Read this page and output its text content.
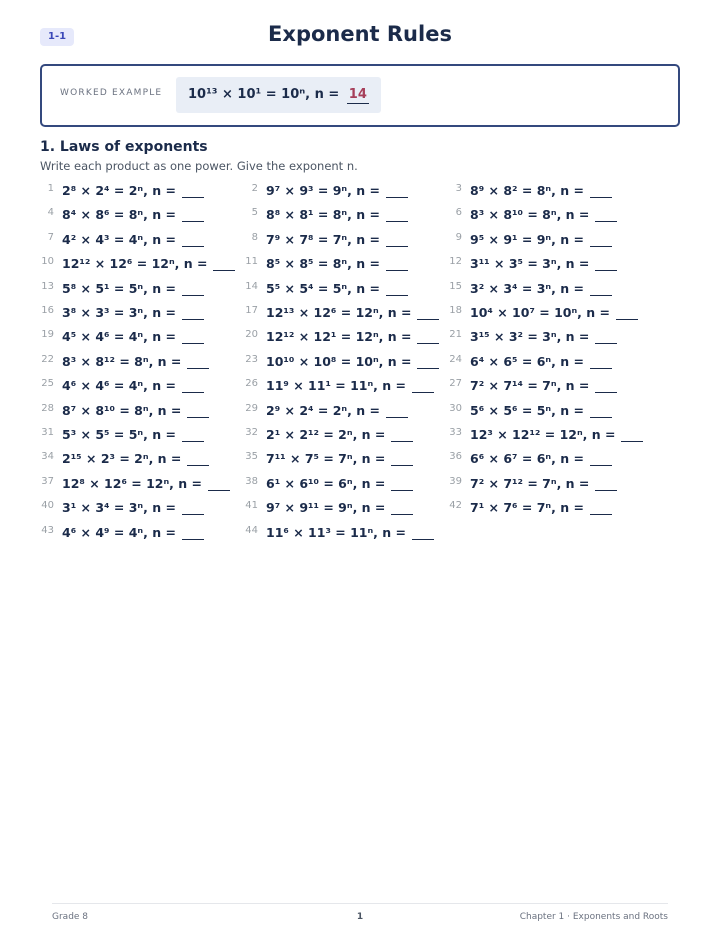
1-1	Exponent Rules
WORKED EXAMPLE	10¹³ × 10¹ = 10ⁿ, n = 14
1. Laws of exponents
Write each product as one power. Give the exponent n.
1 2⁸ × 2⁴ = 2ⁿ, n =	2 9⁷ × 9³ = 9ⁿ, n =	3 8⁹ × 8² = 8ⁿ, n =
4 8⁴ × 8⁶ = 8ⁿ, n =	5 8⁸ × 8¹ = 8ⁿ, n =	6 8³ × 8¹⁰ = 8ⁿ, n =
7 4² × 4³ = 4ⁿ, n =	8 7⁹ × 7⁸ = 7ⁿ, n =	9 9⁵ × 9¹ = 9ⁿ, n =
10 12¹² × 12⁶ = 12ⁿ, n =	11 8⁵ × 8⁵ = 8ⁿ, n =	12 3¹¹ × 3⁵ = 3ⁿ, n =
13 5⁸ × 5¹ = 5ⁿ, n =	14 5⁵ × 5⁴ = 5ⁿ, n =	15 3² × 3⁴ = 3ⁿ, n =
16 3⁸ × 3³ = 3ⁿ, n =	17 12¹³ × 12⁶ = 12ⁿ, n =	18 10⁴ × 10⁷ = 10ⁿ, n =
19 4⁵ × 4⁶ = 4ⁿ, n =	20 12¹² × 12¹ = 12ⁿ, n =	21 3¹⁵ × 3² = 3ⁿ, n =
22 8³ × 8¹² = 8ⁿ, n =	23 10¹⁰ × 10⁸ = 10ⁿ, n =	24 6⁴ × 6⁵ = 6ⁿ, n =
25 4⁶ × 4⁶ = 4ⁿ, n =	26 11⁹ × 11¹ = 11ⁿ, n =	27 7² × 7¹⁴ = 7ⁿ, n =
28 8⁷ × 8¹⁰ = 8ⁿ, n =	29 2⁹ × 2⁴ = 2ⁿ, n =	30 5⁶ × 5⁶ = 5ⁿ, n =
31 5³ × 5⁵ = 5ⁿ, n =	32 2¹ × 2¹² = 2ⁿ, n =	33 12³ × 12¹² = 12ⁿ, n =
34 2¹⁵ × 2³ = 2ⁿ, n =	35 7¹¹ × 7⁵ = 7ⁿ, n =	36 6⁶ × 6⁷ = 6ⁿ, n =
37 12⁸ × 12⁶ = 12ⁿ, n =	38 6¹ × 6¹⁰ = 6ⁿ, n =	39 7² × 7¹² = 7ⁿ, n =
40 3¹ × 3⁴ = 3ⁿ, n =	41 9⁷ × 9¹¹ = 9ⁿ, n =	42 7¹ × 7⁶ = 7ⁿ, n =
43 4⁶ × 4⁹ = 4ⁿ, n =	44 11⁶ × 11³ = 11ⁿ, n =
Grade 8	1	Chapter 1 · Exponents and Roots
